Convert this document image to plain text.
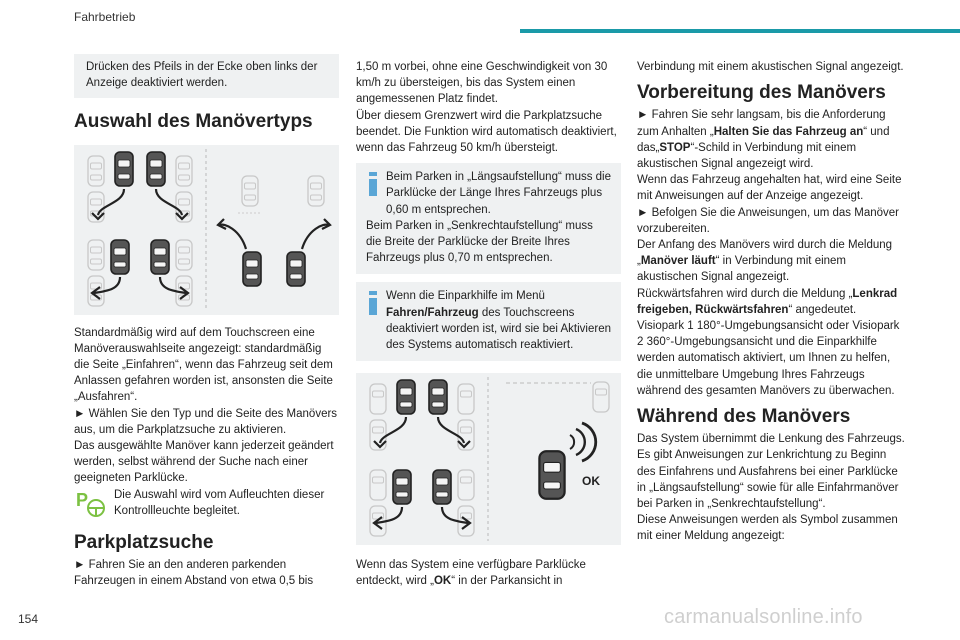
Fahrbetrieb
154

Drücken des Pfeils in der Ecke oben links der Anzeige deaktiviert werden.

Auswahl des Manövertyps

Standardmäßig wird auf dem Touchscreen eine Manöverauswahlseite angezeigt: standardmäßig die Seite „Einfahren“, wenn das Fahrzeug seit dem Anlassen gefahren worden ist, ansonsten die Seite „Ausfahren“.

► Wählen Sie den Typ und die Seite des Manövers aus, um die Parkplatzsuche zu aktivieren.

Das ausgewählte Manöver kann jederzeit geändert werden, selbst während der Suche nach einer geeigneten Parklücke.

P Die Auswahl wird vom Aufleuchten dieser Kontrollleuchte begleitet.

Parkplatzsuche

► Fahren Sie an den anderen parkenden Fahrzeugen in einem Abstand von etwa 0,5 bis

1,50 m vorbei, ohne eine Geschwindigkeit von 30 km/h zu übersteigen, bis das System einen angemessenen Platz findet.

Über diesem Grenzwert wird die Parkplatzsuche beendet. Die Funktion wird automatisch deaktiviert, wenn das Fahrzeug 50 km/h übersteigt.

Beim Parken in „Längsaufstellung“ muss die Parklücke der Länge Ihres Fahrzeugs plus 0,60 m entsprechen.

Beim Parken in „Senkrechtaufstellung“ muss die Breite der Parklücke der Breite Ihres Fahrzeugs plus 0,70 m entsprechen.

Wenn die Einparkhilfe im Menü Fahren/Fahrzeug des Touchscreens deaktiviert worden ist, wird sie bei Aktivieren des Systems automatisch reaktiviert.

OK

Wenn das System eine verfügbare Parklücke entdeckt, wird „OK“ in der Parkansicht in

Verbindung mit einem akustischen Signal angezeigt.

Vorbereitung des Manövers

► Fahren Sie sehr langsam, bis die Anforderung zum Anhalten „Halten Sie das Fahrzeug an“ und das„STOP“-Schild in Verbindung mit einem akustischen Signal angezeigt wird.

Wenn das Fahrzeug angehalten hat, wird eine Seite mit Anweisungen auf der Anzeige angezeigt.

► Befolgen Sie die Anweisungen, um das Manöver vorzubereiten.

Der Anfang des Manövers wird durch die Meldung „Manöver läuft“ in Verbindung mit einem akustischen Signal angezeigt.

Rückwärtsfahren wird durch die Meldung „Lenkrad freigeben, Rückwärtsfahren“ angedeutet.

Visiopark 1 180°-Umgebungsansicht oder Visiopark 2 360°-Umgebungsansicht und die Einparkhilfe werden automatisch aktiviert, um Ihnen zu helfen, die unmittelbare Umgebung Ihres Fahrzeugs während des gesamten Manövers zu überwachen.

Während des Manövers

Das System übernimmt die Lenkung des Fahrzeugs. Es gibt Anweisungen zur Lenkrichtung zu Beginn des Einfahrens und Ausfahrens bei einer Parklücke in „Längsaufstellung“ sowie für alle Einfahrmanöver bei Parken in „Senkrechtaufstellung“.

Diese Anweisungen werden als Symbol zusammen mit einer Meldung angezeigt:

carmanualsonline.info
